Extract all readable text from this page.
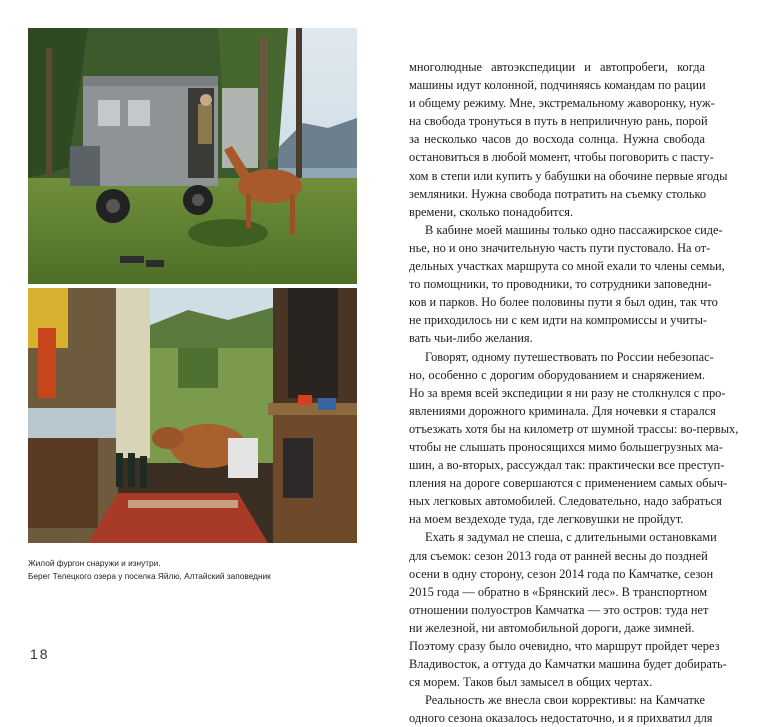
Жилой фургон снаружи и изнутри.
Берег Телецкого озера у поселка Яйлю, Алтайский заповедник
18
многолюдные автоэкспедиции и автопробеги, когда
машины идут колонной, подчиняясь командам по рации
и общему режиму. Мне, экстремальному жаворонку, нуж-
на свобода тронуться в путь в неприличную рань, порой
за несколько часов до восхода солнца. Нужна свобода
остановиться в любой момент, чтобы поговорить с пасту-
хом в степи или купить у бабушки на обочине первые ягоды
земляники. Нужна свобода потратить на съемку столько
времени, сколько понадобится.
В кабине моей машины только одно пассажирское сиде-
нье, но и оно значительную часть пути пустовало. На от-
дельных участках маршрута со мной ехали то члены семьи,
то помощники, то проводники, то сотрудники заповедни-
ков и парков. Но более половины пути я был один, так что
не приходилось ни с кем идти на компромиссы и учиты-
вать чьи-либо желания.
Говорят, одному путешествовать по России небезопас-
но, особенно с дорогим оборудованием и снаряжением.
Но за время всей экспедиции я ни разу не столкнулся с про-
явлениями дорожного криминала. Для ночевки я старался
отъезжать хотя бы на километр от шумной трассы: во-первых,
чтобы не слышать проносящихся мимо большегрузных ма-
шин, а во-вторых, рассуждал так: практически все преступ-
пления на дороге совершаются с применением самых обыч-
ных легковых автомобилей. Следовательно, надо забраться
на моем вездеходе туда, где легковушки не пройдут.
Ехать я задумал не спеша, с длительными остановками
для съемок: сезон 2013 года от ранней весны до поздней
осени в одну сторону, сезон 2014 года по Камчатке, сезон
2015 года — обратно в «Брянский лес». В транспортном
отношении полуостров Камчатка — это остров: туда нет
ни железной, ни автомобильной дороги, даже зимней.
Поэтому сразу было очевидно, что маршрут пройдет через
Владивосток, а оттуда до Камчатки машина будет добирать-
ся морем. Таков был замысел в общих чертах.
Реальность же внесла свои коррективы: на Камчатке
одного сезона оказалось недостаточно, и я прихватил для
